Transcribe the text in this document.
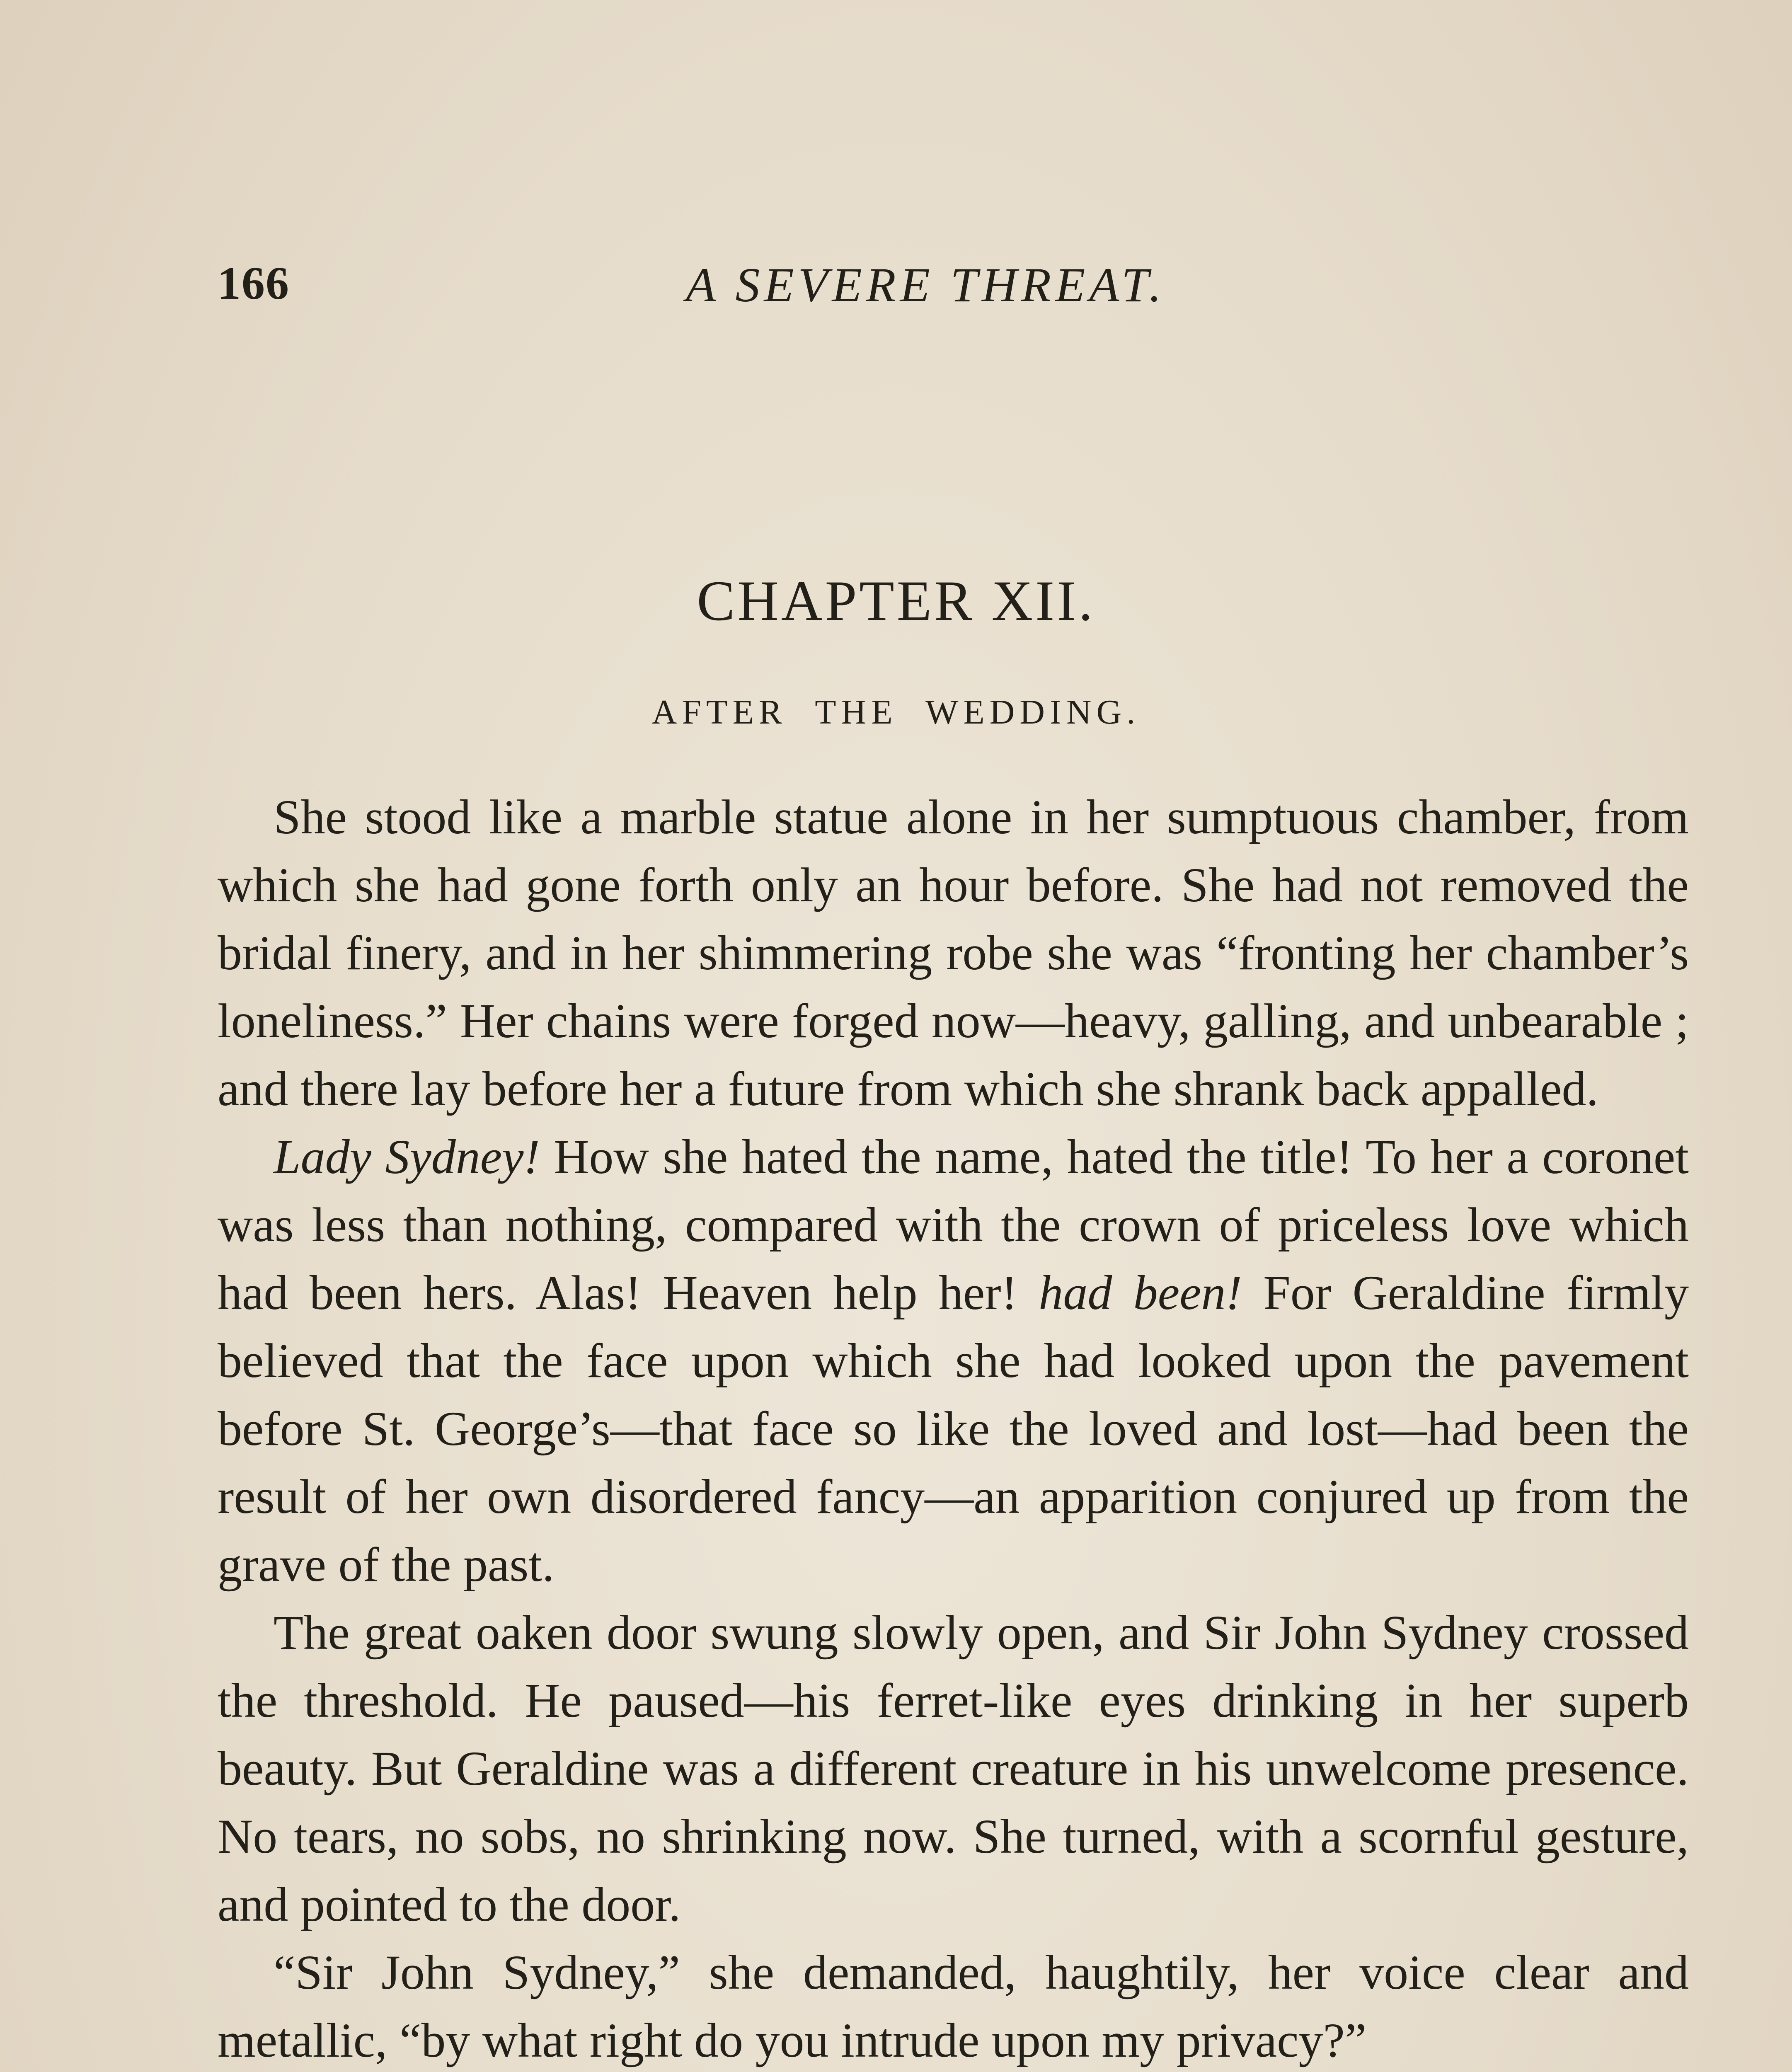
166	A SEVERE THREAT.
CHAPTER XII.
AFTER THE WEDDING.

She stood like a marble statue alone in her sumptuous chamber, from which she had gone forth only an hour before. She had not removed the bridal finery, and in her shimmering robe she was “fronting her chamber’s loneliness.” Her chains were forged now—heavy, galling, and unbearable ; and there lay before her a future from which she shrank back appalled.

Lady Sydney! How she hated the name, hated the title! To her a coronet was less than nothing, compared with the crown of priceless love which had been hers. Alas! Heaven help her! had been! For Geraldine firmly believed that the face upon which she had looked upon the pavement before St. George’s—that face so like the loved and lost—had been the result of her own disordered fancy—an apparition conjured up from the grave of the past.

The great oaken door swung slowly open, and Sir John Sydney crossed the threshold. He paused—his ferret-like eyes drinking in her superb beauty. But Geraldine was a different creature in his unwelcome presence. No tears, no sobs, no shrinking now. She turned, with a scornful gesture, and pointed to the door.

“Sir John Sydney,” she demanded, haughtily, her voice clear and metallic, “by what right do you intrude upon my privacy?”
